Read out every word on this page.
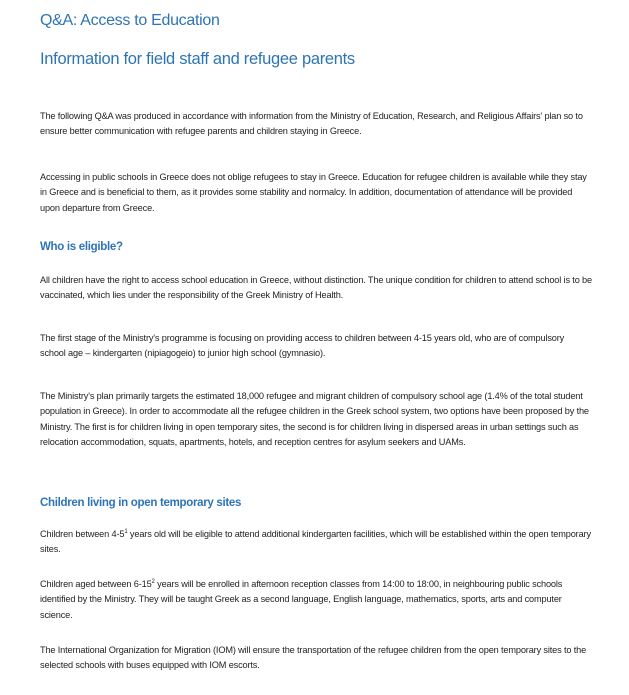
Q&A: Access to Education
Information for field staff and refugee parents

The following Q&A was produced in accordance with information from the Ministry of Education, Research, and Religious Affairs' plan so to ensure better communication with refugee parents and children staying in Greece.

Accessing in public schools in Greece does not oblige refugees to stay in Greece. Education for refugee children is available while they stay in Greece and is beneficial to them, as it provides some stability and normalcy. In addition, documentation of attendance will be provided upon departure from Greece.

Who is eligible?

All children have the right to access school education in Greece, without distinction. The unique condition for children to attend school is to be vaccinated, which lies under the responsibility of the Greek Ministry of Health.

The first stage of the Ministry's programme is focusing on providing access to children between 4-15 years old, who are of compulsory school age – kindergarten (nipiagogeio) to junior high school (gymnasio).

The Ministry's plan primarily targets the estimated 18,000 refugee and migrant children of compulsory school age (1.4% of the total student population in Greece). In order to accommodate all the refugee children in the Greek school system, two options have been proposed by the Ministry. The first is for children living in open temporary sites, the second is for children living in dispersed areas in urban settings such as relocation accommodation, squats, apartments, hotels, and reception centres for asylum seekers and UAMs.

Children living in open temporary sites

Children between $4-5^1$ years old will be eligible to attend additional kindergarten facilities, which will be established within the open temporary sites.

Children aged between $6-15^2$ years will be enrolled in afternoon reception classes from 14:00 to 18:00, in neighbouring public schools identified by the Ministry. They will be taught Greek as a second language, English language, mathematics, sports, arts and computer science.

The International Organization for Migration (IOM) will ensure the transportation of the refugee children from the open temporary sites to the selected schools with buses equipped with IOM escorts.
